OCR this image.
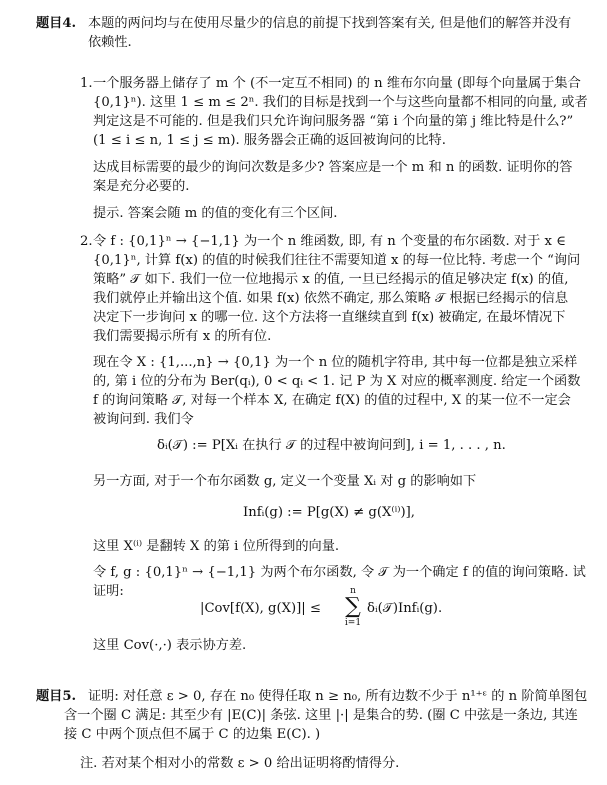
题目4. 本题的两问均与在使用尽量少的信息的前提下找到答案有关, 但是他们的解答并没有
依赖性.
1. 一个服务器上储存了 m 个 (不一定互不相同) 的 n 维布尔向量 (即每个向量属于集合
{0,1}ⁿ). 这里 1 ≤ m ≤ 2ⁿ. 我们的目标是找到一个与这些向量都不相同的向量, 或者
判定这是不可能的. 但是我们只允许询问服务器 “第 i 个向量的第 j 维比特是什么?”
(1 ≤ i ≤ n, 1 ≤ j ≤ m). 服务器会正确的返回被询问的比特.
达成目标需要的最少的询问次数是多少? 答案应是一个 m 和 n 的函数. 证明你的答
案是充分必要的.
提示. 答案会随 m 的值的变化有三个区间.
2. 令 f : {0,1}ⁿ → {−1,1} 为一个 n 维函数, 即, 有 n 个变量的布尔函数. 对于 x ∈
{0,1}ⁿ, 计算 f(x) 的值的时候我们往往不需要知道 x 的每一位比特. 考虑一个 “询问
策略” 𝒯 如下. 我们一位一位地揭示 x 的值, 一旦已经揭示的值足够决定 f(x) 的值,
我们就停止并输出这个值. 如果 f(x) 依然不确定, 那么策略 𝒯 根据已经揭示的信息
决定下一步询问 x 的哪一位. 这个方法将一直继续直到 f(x) 被确定, 在最坏情况下
我们需要揭示所有 x 的所有位.
现在令 X : {1,...,n} → {0,1} 为一个 n 位的随机字符串, 其中每一位都是独立采样
的, 第 i 位的分布为 Ber(qᵢ), 0 < qᵢ < 1. 记 P 为 X 对应的概率测度. 给定一个函数
f 的询问策略 𝒯, 对每一个样本 X, 在确定 f(X) 的值的过程中, X 的某一位不一定会
被询问到. 我们令
δᵢ(𝒯) := P[Xᵢ 在执行 𝒯 的过程中被询问到], i = 1, . . . , n.
另一方面, 对于一个布尔函数 g, 定义一个变量 Xᵢ 对 g 的影响如下
Infᵢ(g) := P[g(X) ≠ g(X⁽ⁱ⁾)],
这里 X⁽ⁱ⁾ 是翻转 X 的第 i 位所得到的向量.
令 f, g : {0,1}ⁿ → {−1,1} 为两个布尔函数, 令 𝒯 为一个确定 f 的值的询问策略. 试
证明:
|Cov[f(X), g(X)]| ≤
n
∑
i=1
δᵢ(𝒯)Infᵢ(g).
这里 Cov(·,·) 表示协方差.
题目5. 证明: 对任意 ε > 0, 存在 n₀ 使得任取 n ≥ n₀, 所有边数不少于 n¹⁺ᵋ 的 n 阶简单图包
含一个圈 C 满足: 其至少有 |E(C)| 条弦. 这里 |·| 是集合的势. (圈 C 中弦是一条边, 其连
接 C 中两个顶点但不属于 C 的边集 E(C). )
注. 若对某个相对小的常数 ε > 0 给出证明将酌情得分.
